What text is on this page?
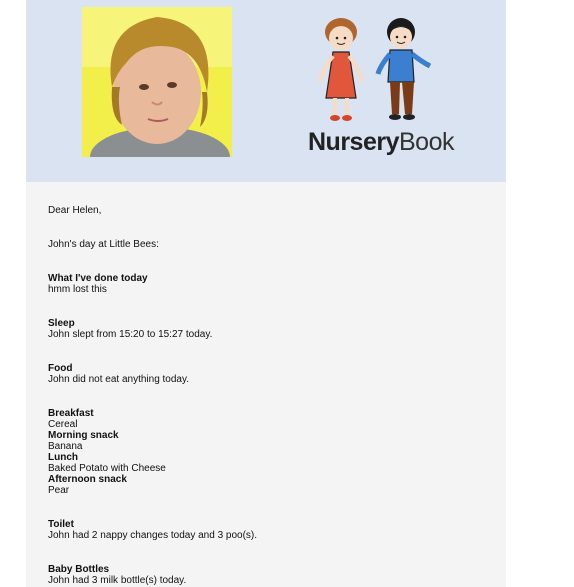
NurseryBook

Dear Helen,

John's day at Little Bees:

What I've done today

hmm lost this

Sleep

John slept from 15:20 to 15:27 today.

Food

John did not eat anything today.

Breakfast

Cereal

Morning snack

Banana

Lunch

Baked Potato with Cheese

Afternoon snack

Pear

Toilet

John had 2 nappy changes today and 3 poo(s).

Baby Bottles

John had 3 milk bottle(s) today.
